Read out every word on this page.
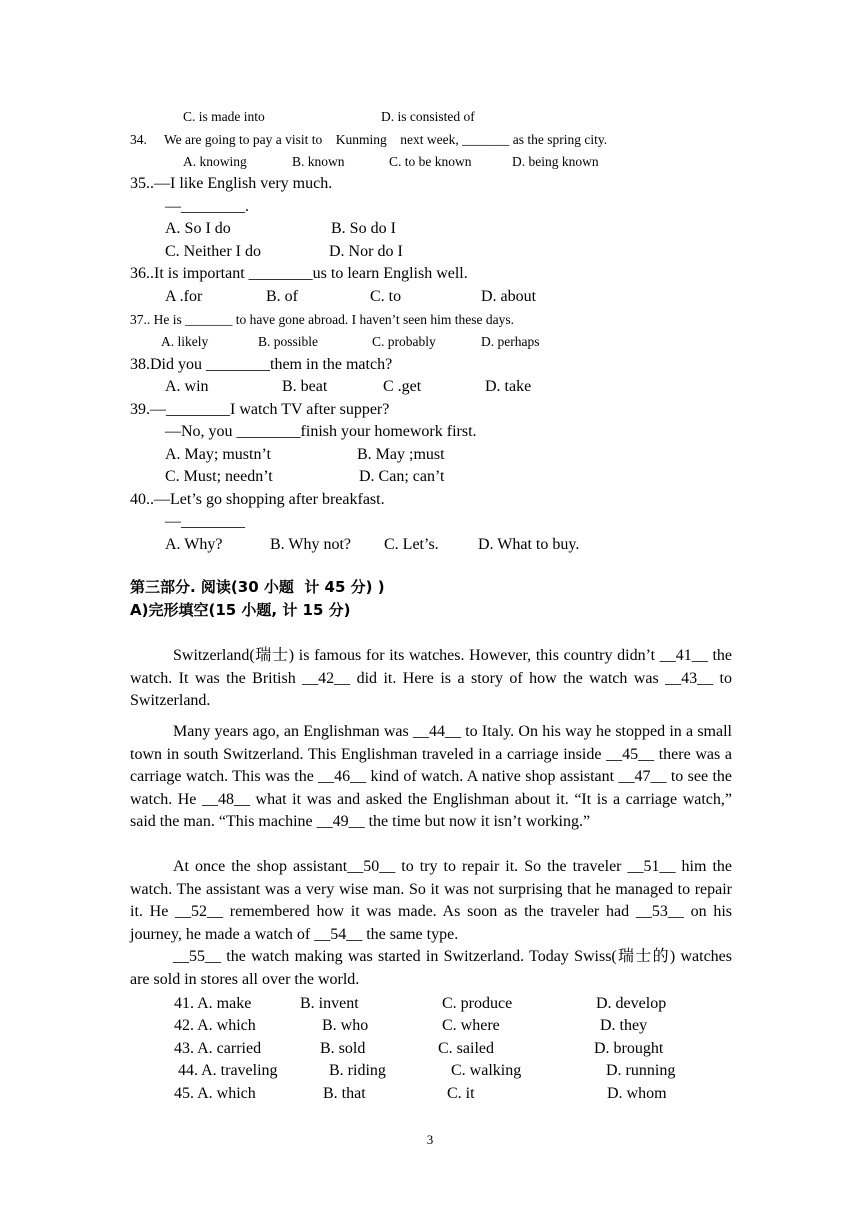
C. is made into	D. is consisted of
34. We are going to pay a visit to    Kunming    next week, _______ as the spring city.
A. knowing	B. known	C. to be known	D. being known
35..—I like English very much.
—________.
A. So I do	B. So do I
C. Neither I do	D. Nor do I
36..It is important ________us to learn English well.
A .for	B. of	C. to	D. about
37.. He is _______ to have gone abroad. I haven’t seen him these days.
A. likely	B. possible	C. probably	D. perhaps
38.Did you ________them in the match?
A. win	B. beat	C .get	D. take
39.—________I watch TV after supper?
—No, you ________finish your homework first.
A. May; mustn’t	B. May ;must
C. Must; needn’t	D. Can; can’t
40..—Let’s go shopping after breakfast.
—________
A. Why?	B. Why not? C. Let’s. D. What to buy.
第三部分. 阅读(30 小题  计 45 分) )
A)完形填空(15 小题, 计 15 分)

Switzerland(瑞士) is famous for its watches. However, this country didn’t __41__ the watch. It was the British __42__ did it. Here is a story of how the watch was __43__ to Switzerland.

Many years ago, an Englishman was __44__ to Italy. On his way he stopped in a small town in south Switzerland. This Englishman traveled in a carriage inside __45__ there was a carriage watch. This was the __46__ kind of watch. A native shop assistant __47__ to see the watch. He __48__ what it was and asked the Englishman about it. “It is a carriage watch,” said the man. “This machine __49__ the time but now it isn’t working.”

At once the shop assistant__50__ to try to repair it. So the traveler __51__ him the watch. The assistant was a very wise man. So it was not surprising that he managed to repair it. He __52__ remembered how it was made. As soon as the traveler had __53__ on his journey, he made a watch of __54__ the same type.

__55__ the watch making was started in Switzerland. Today Swiss(瑞士的) watches are sold in stores all over the world.

41. A. make	B. invent	C. produce	D. develop
42. A. which	B. who	C. where	D. they
43. A. carried	B. sold	C. sailed	D. brought
44. A. traveling	B. riding	C. walking	D. running
45. A. which	B. that	C. it	D. whom
3
